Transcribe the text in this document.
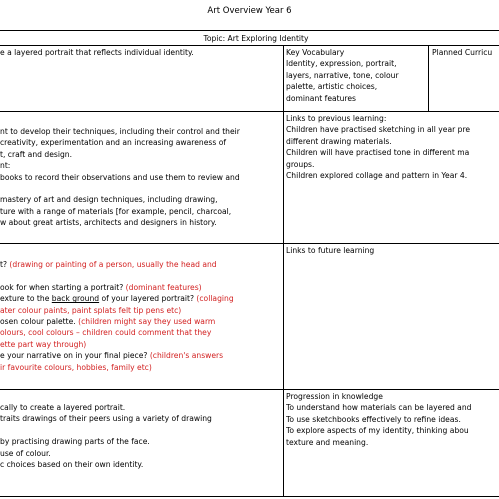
Art Overview Year 6
Topic: Art Exploring Identity
e a layered portrait that reflects individual identity.	Key Vocabulary

Identity, expression, portrait,

layers, narrative, tone, colour

palette, artistic choices,

dominant features

Planned Curricu

nt to develop their techniques, including their control and their

creativity, experimentation and an increasing awareness of

t, craft and design.

nt:

books to record their observations and use them to review and

mastery of art and design techniques, including drawing,

ture with a range of materials [for example, pencil, charcoal,

w about great artists, architects and designers in history.

Links to previous learning:

Children have practised sketching in all year pre

different drawing materials.

Children will have practised tone in different ma

groups.

Children explored collage and pattern in Year 4.

t? (drawing or painting of a person, usually the head and

ook for when starting a portrait? (dominant features)

exture to the back ground of your layered portrait? (collaging

ater colour paints, paint splats felt tip pens etc)

osen colour palette. (children might say they used warm

olours, cool colours – children could comment that they

ette part way through)

e your narrative on in your final piece? (children's answers

ir favourite colours, hobbies, family etc)

Links to future learning

cally to create a layered portrait.

traits drawings of their peers using a variety of drawing

by practising drawing parts of the face.

use of colour.

c choices based on their own identity.

Progression in knowledge

To understand how materials can be layered and

To use sketchbooks effectively to refine ideas.

To explore aspects of my identity, thinking abou

texture and meaning.
